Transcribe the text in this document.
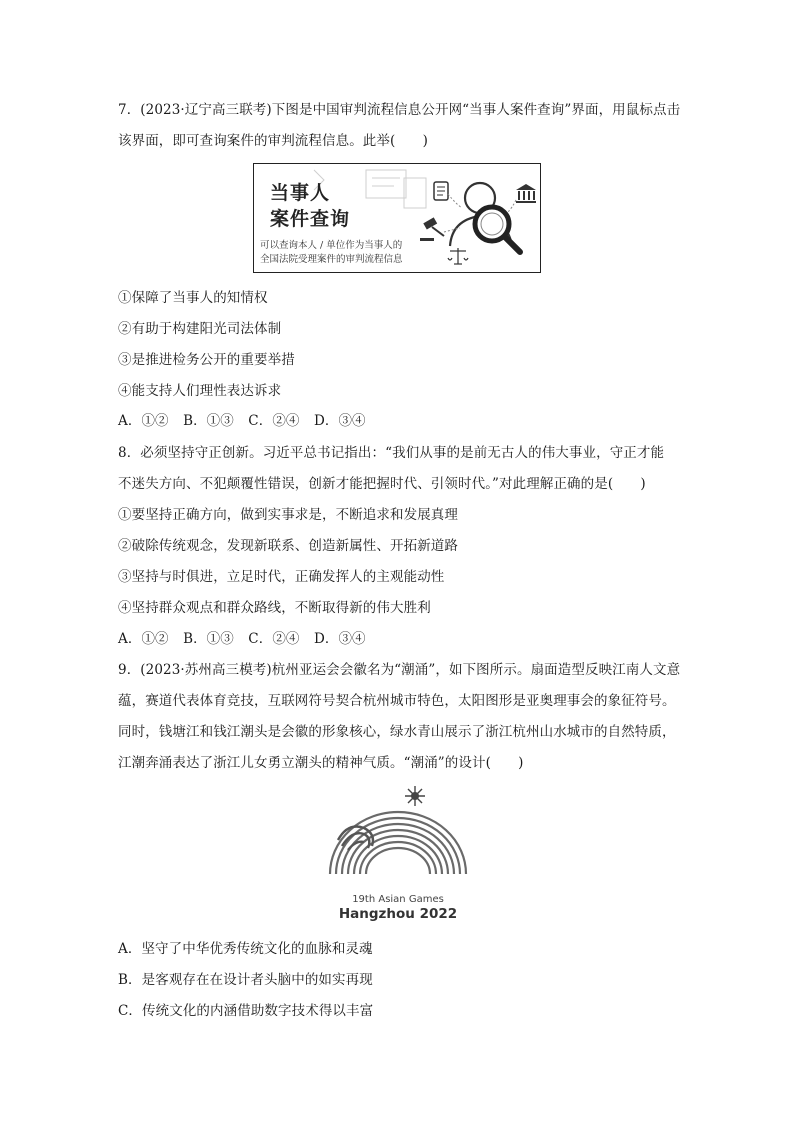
7．(2023·辽宁高三联考)下图是中国审判流程信息公开网“当事人案件查询”界面，用鼠标点击
该界面，即可查询案件的审判流程信息。此举(　　)
当事人
案件查询
可以查询本人 / 单位作为当事人的
全国法院受理案件的审判流程信息
①保障了当事人的知情权
②有助于构建阳光司法体制
③是推进检务公开的重要举措
④能支持人们理性表达诉求
A．①② B．①③ C．②④ D．③④
8．必须坚持守正创新。习近平总书记指出：“我们从事的是前无古人的伟大事业，守正才能
不迷失方向、不犯颠覆性错误，创新才能把握时代、引领时代。”对此理解正确的是(　　)
①要坚持正确方向，做到实事求是，不断追求和发展真理
②破除传统观念，发现新联系、创造新属性、开拓新道路
③坚持与时俱进，立足时代，正确发挥人的主观能动性
④坚持群众观点和群众路线，不断取得新的伟大胜利
A．①② B．①③ C．②④ D．③④
9．(2023·苏州高三模考)杭州亚运会会徽名为“潮涌”，如下图所示。扇面造型反映江南人文意
蕴，赛道代表体育竞技，互联网符号契合杭州城市特色，太阳图形是亚奥理事会的象征符号。
同时，钱塘江和钱江潮头是会徽的形象核心，绿水青山展示了浙江杭州山水城市的自然特质，
江潮奔涌表达了浙江儿女勇立潮头的精神气质。“潮涌”的设计(　　)
19th Asian Games
Hangzhou 2022
A．坚守了中华优秀传统文化的血脉和灵魂
B．是客观存在在设计者头脑中的如实再现
C．传统文化的内涵借助数字技术得以丰富
